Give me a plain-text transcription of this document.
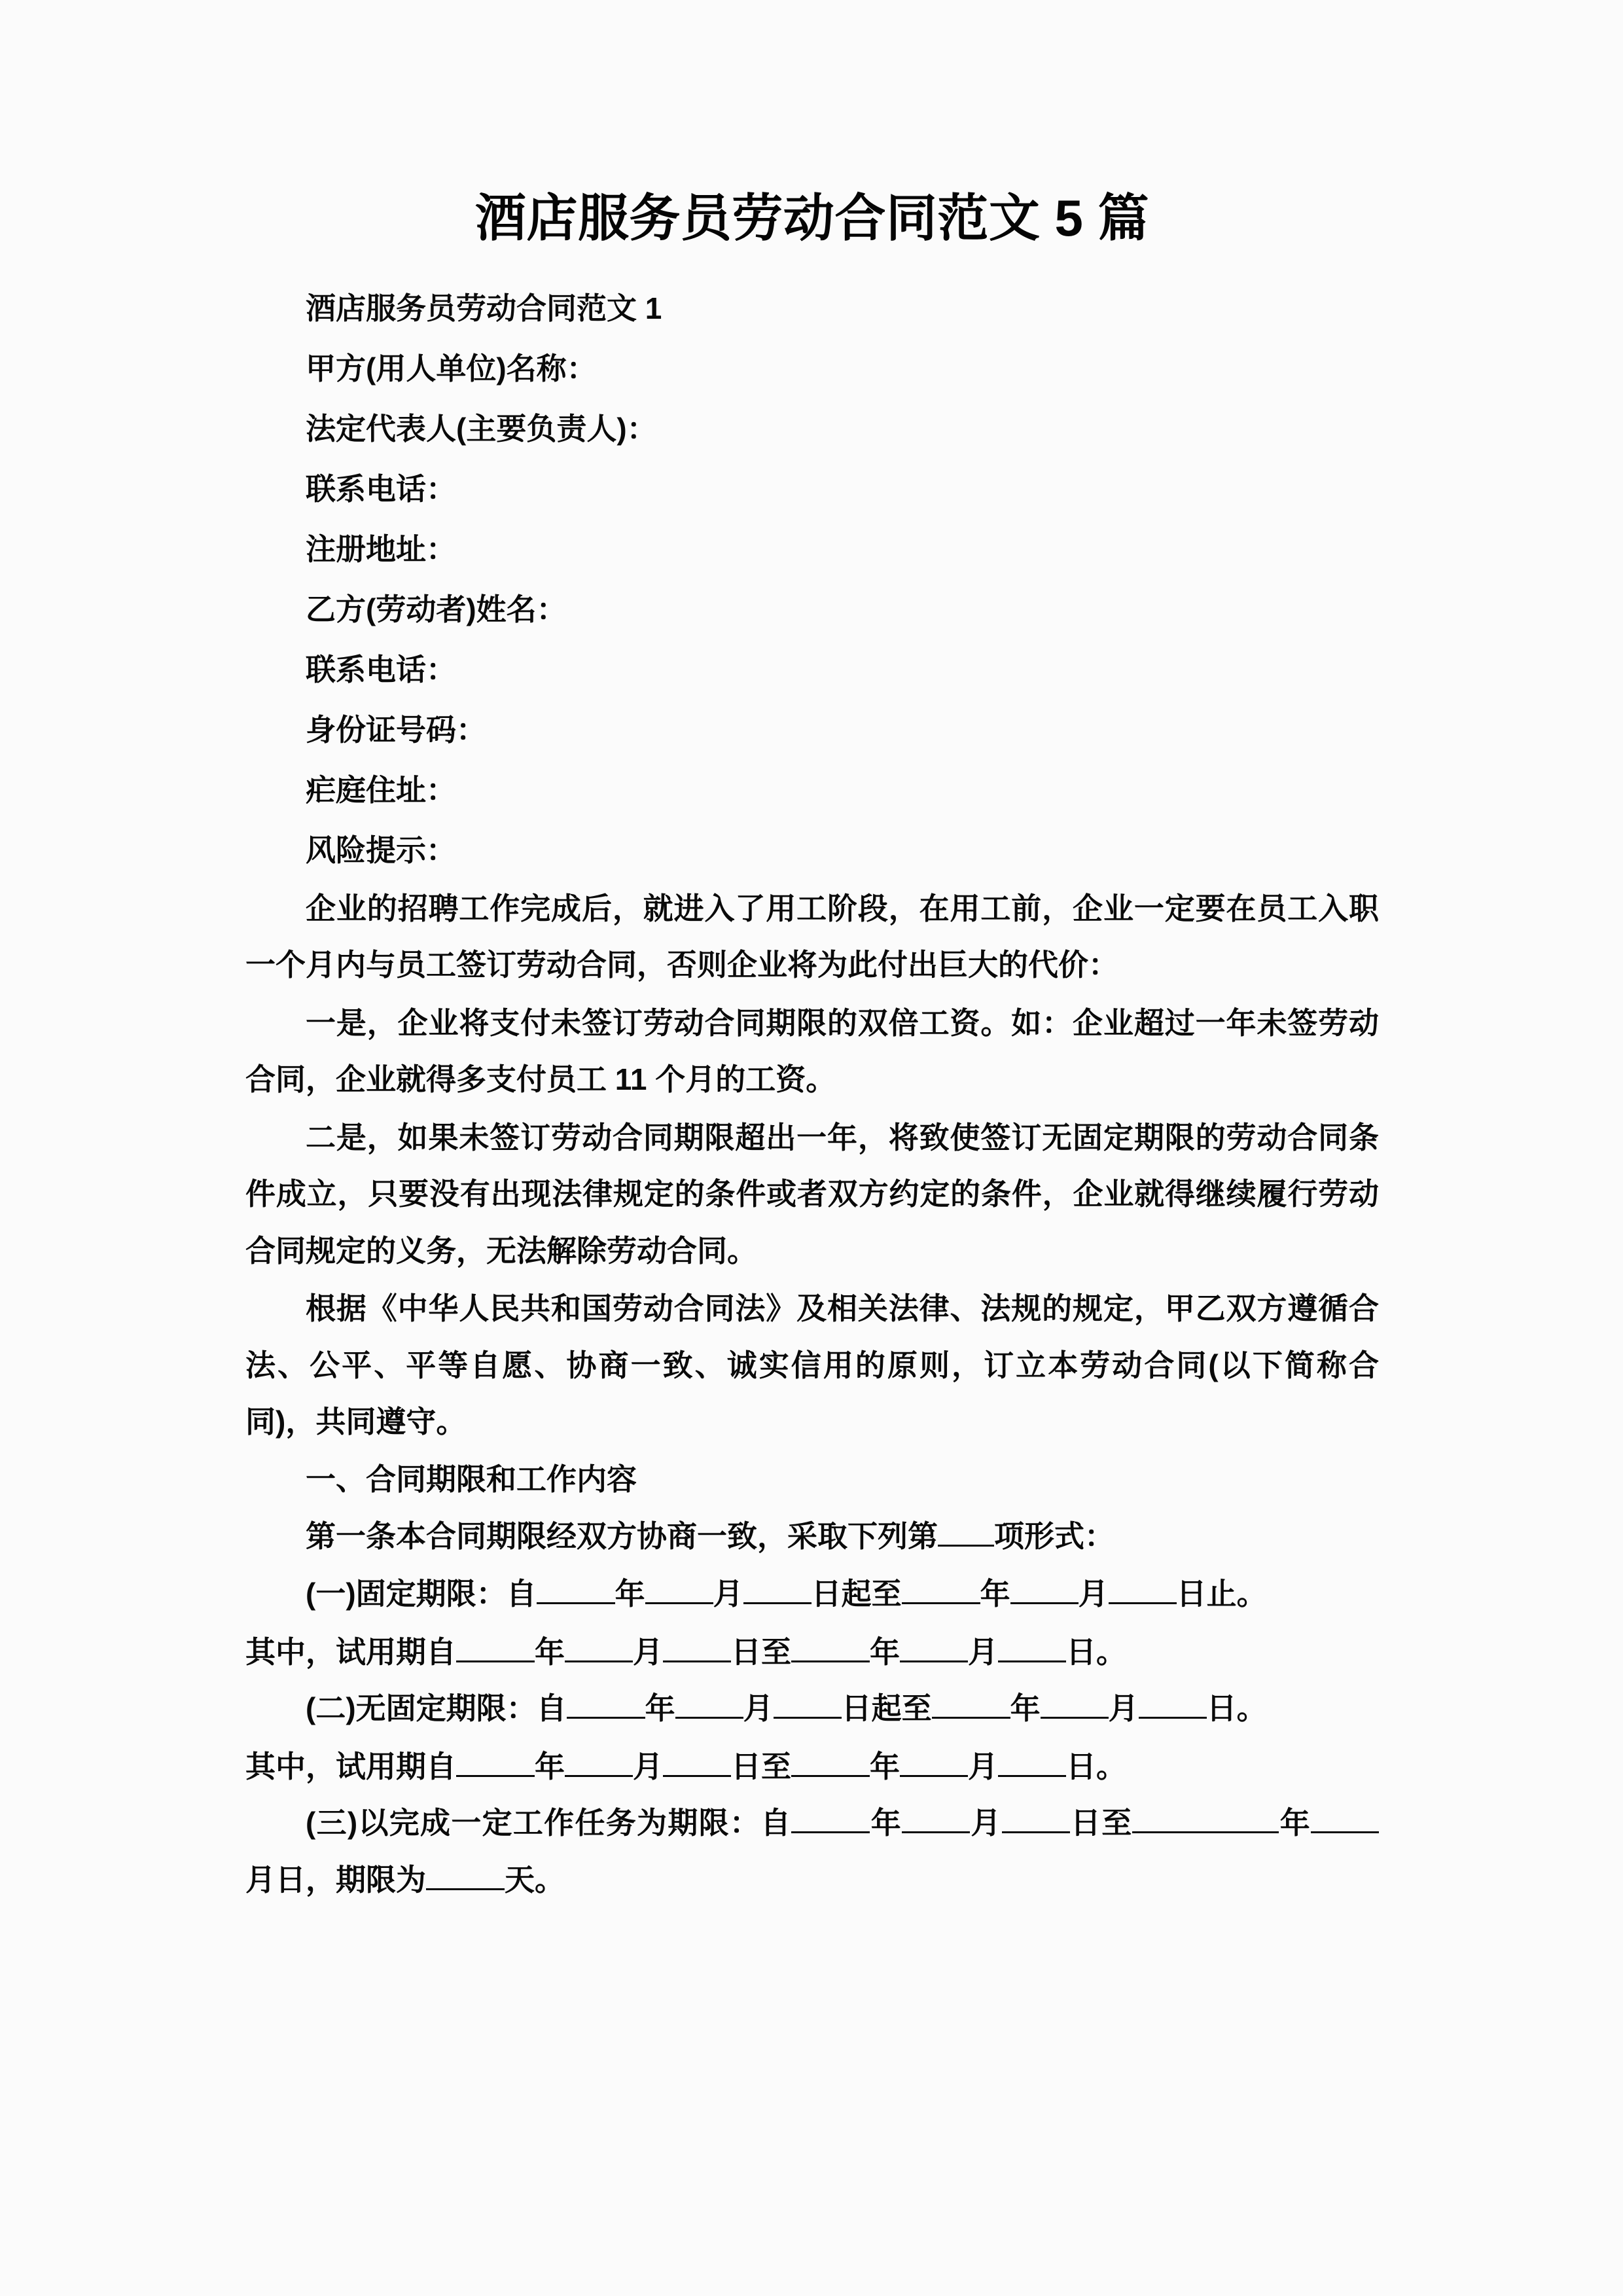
酒店服务员劳动合同范文 5 篇

酒店服务员劳动合同范文 1

甲方(用人单位)名称：

法定代表人(主要负责人)：

联系电话：

注册地址：

乙方(劳动者)姓名：

联系电话：

身份证号码：

疟庭住址：

风险提示：

企业的招聘工作完成后，就进入了用工阶段，在用工前，企业一定要在员工入职一个月内与员工签订劳动合同，否则企业将为此付出巨大的代价：

一是，企业将支付未签订劳动合同期限的双倍工资。如：企业超过一年未签劳动合同，企业就得多支付员工 11 个月的工资。

二是，如果未签订劳动合同期限超出一年，将致使签订无固定期限的劳动合同条件成立，只要没有出现法律规定的条件或者双方约定的条件，企业就得继续履行劳动合同规定的义务，无法解除劳动合同。

根据《中华人民共和国劳动合同法》及相关法律、法规的规定，甲乙双方遵循合法、公平、平等自愿、协商一致、诚实信用的原则，订立本劳动合同(以下简称合同)，共同遵守。

一、合同期限和工作内容

第一条本合同期限经双方协商一致，采取下列第 项形式：

(一)固定期限：自	年 月 日起至	年 月 日止。

其中，试用期自	年 月 日至	年 月 日。

(二)无固定期限：自	年 月 日起至	年 月 日。

其中，试用期自	年 月 日至	年 月 日。

(三)以完成一定工作任务为期限：自	年 月 日至	年月日，期限为	天。
